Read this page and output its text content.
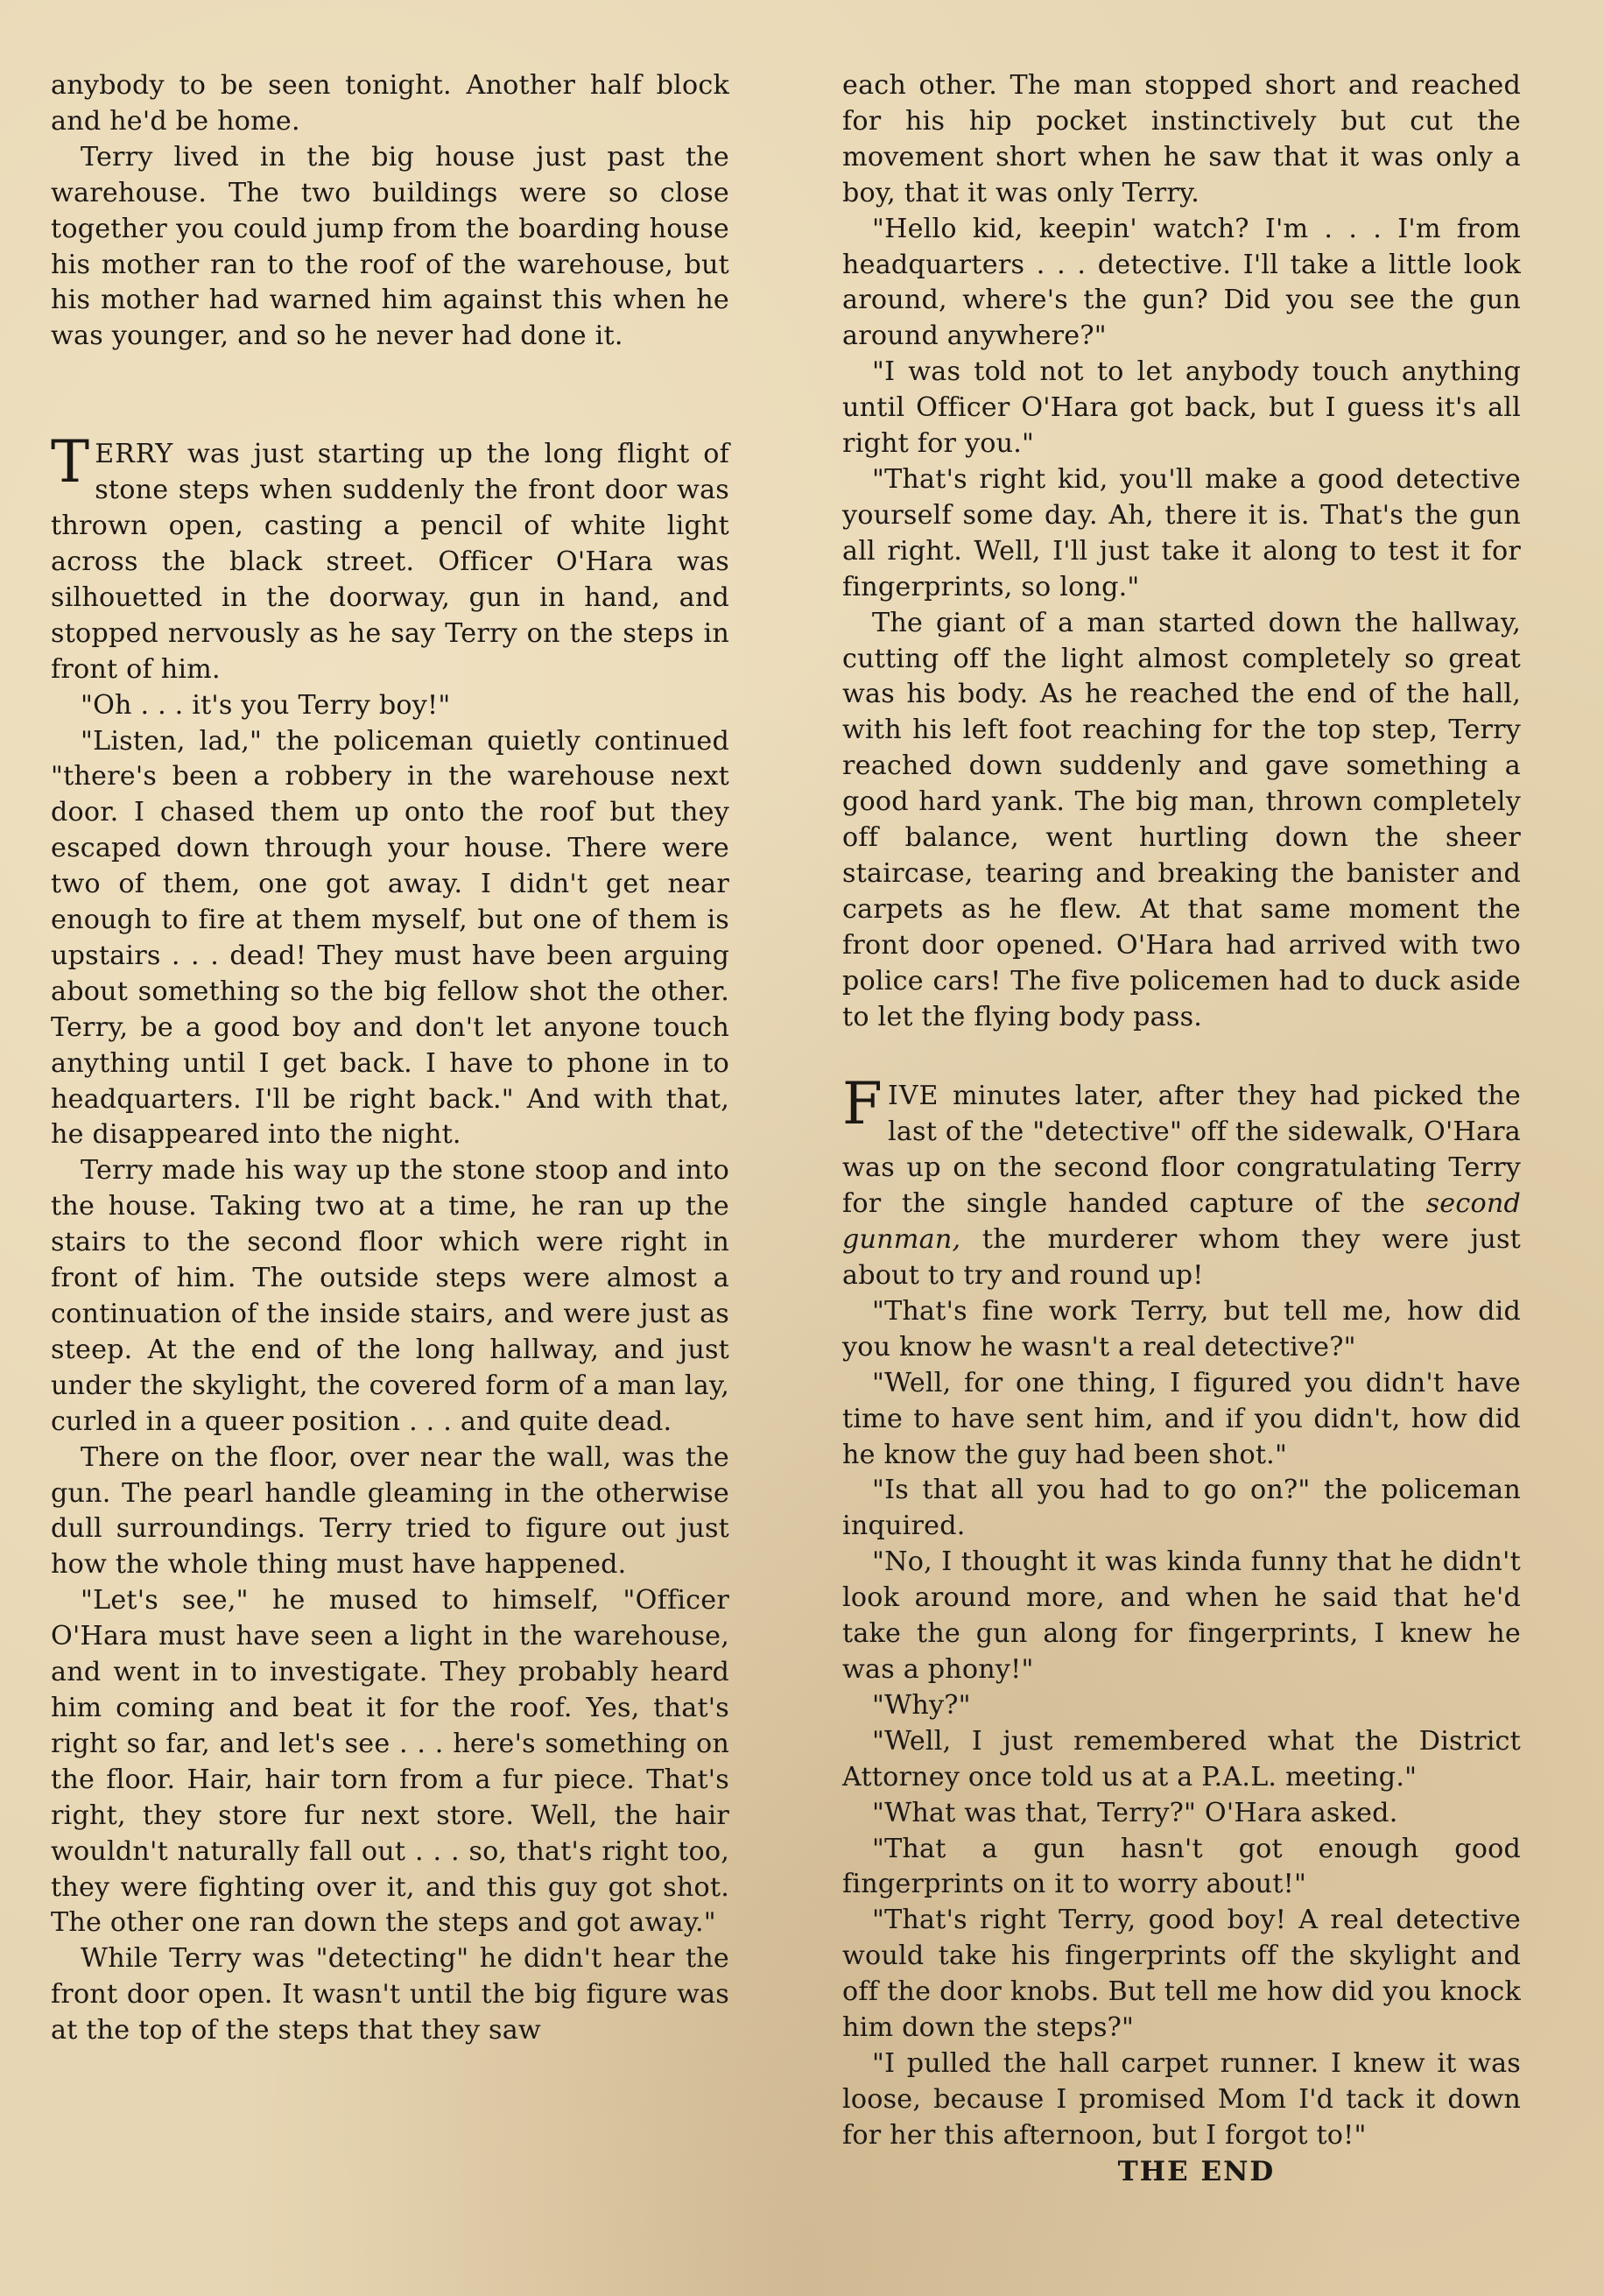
anybody to be seen tonight. Another half block and he'd be home.

Terry lived in the big house just past the warehouse. The two buildings were so close together you could jump from the boarding house his mother ran to the roof of the warehouse, but his mother had warned him against this when he was younger, and so he never had done it.

TERRY was just starting up the long flight of stone steps when suddenly the front door was thrown open, casting a pencil of white light across the black street. Officer O'Hara was silhouetted in the doorway, gun in hand, and stopped nervously as he say Terry on the steps in front of him.

"Oh . . . it's you Terry boy!"

"Listen, lad," the policeman quietly continued "there's been a robbery in the warehouse next door. I chased them up onto the roof but they escaped down through your house. There were two of them, one got away. I didn't get near enough to fire at them myself, but one of them is upstairs . . . dead! They must have been arguing about something so the big fellow shot the other. Terry, be a good boy and don't let anyone touch anything until I get back. I have to phone in to headquarters. I'll be right back." And with that, he disappeared into the night.

Terry made his way up the stone stoop and into the house. Taking two at a time, he ran up the stairs to the second floor which were right in front of him. The outside steps were almost a continuation of the inside stairs, and were just as steep. At the end of the long hallway, and just under the skylight, the covered form of a man lay, curled in a queer position . . . and quite dead.

There on the floor, over near the wall, was the gun. The pearl handle gleaming in the otherwise dull surroundings. Terry tried to figure out just how the whole thing must have happened.

"Let's see," he mused to himself, "Officer O'Hara must have seen a light in the warehouse, and went in to investigate. They probably heard him coming and beat it for the roof. Yes, that's right so far, and let's see . . . here's something on the floor. Hair, hair torn from a fur piece. That's right, they store fur next store. Well, the hair wouldn't naturally fall out . . . so, that's right too, they were fighting over it, and this guy got shot. The other one ran down the steps and got away."

While Terry was "detecting" he didn't hear the front door open. It wasn't until the big figure was at the top of the steps that they saw

each other. The man stopped short and reached for his hip pocket instinctively but cut the movement short when he saw that it was only a boy, that it was only Terry.

"Hello kid, keepin' watch? I'm . . . I'm from headquarters . . . detective. I'll take a little look around, where's the gun? Did you see the gun around anywhere?"

"I was told not to let anybody touch anything until Officer O'Hara got back, but I guess it's all right for you."

"That's right kid, you'll make a good detective yourself some day. Ah, there it is. That's the gun all right. Well, I'll just take it along to test it for fingerprints, so long."

The giant of a man started down the hallway, cutting off the light almost completely so great was his body. As he reached the end of the hall, with his left foot reaching for the top step, Terry reached down suddenly and gave something a good hard yank. The big man, thrown completely off balance, went hurtling down the sheer staircase, tearing and breaking the banister and carpets as he flew. At that same moment the front door opened. O'Hara had arrived with two police cars! The five policemen had to duck aside to let the flying body pass.

FIVE minutes later, after they had picked the last of the "detective" off the sidewalk, O'Hara was up on the second floor congratulating Terry for the single handed capture of the second gunman, the murderer whom they were just about to try and round up!

"That's fine work Terry, but tell me, how did you know he wasn't a real detective?"

"Well, for one thing, I figured you didn't have time to have sent him, and if you didn't, how did he know the guy had been shot."

"Is that all you had to go on?" the policeman inquired.

"No, I thought it was kinda funny that he didn't look around more, and when he said that he'd take the gun along for fingerprints, I knew he was a phony!"

"Why?"

"Well, I just remembered what the District Attorney once told us at a P.A.L. meeting."

"What was that, Terry?" O'Hara asked.

"That a gun hasn't got enough good fingerprints on it to worry about!"

"That's right Terry, good boy! A real detective would take his fingerprints off the skylight and off the door knobs. But tell me how did you knock him down the steps?"

"I pulled the hall carpet runner. I knew it was loose, because I promised Mom I'd tack it down for her this afternoon, but I forgot to!"

THE END
